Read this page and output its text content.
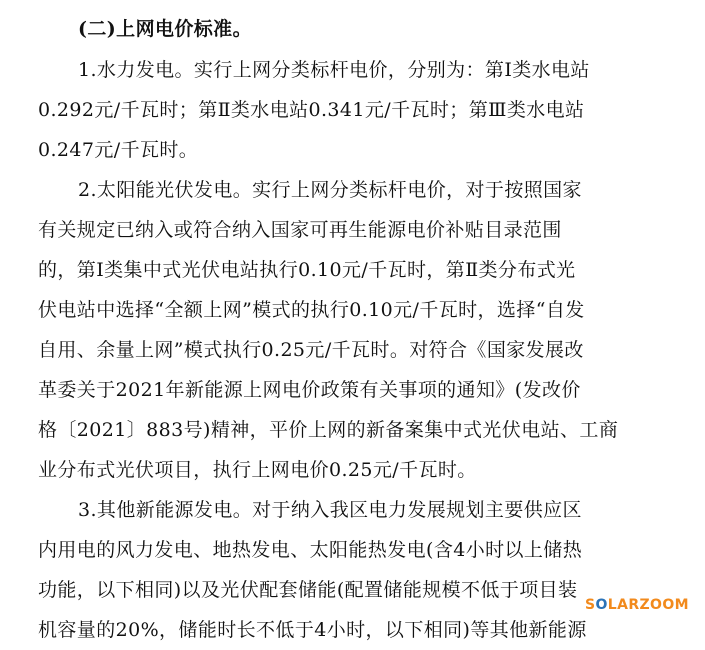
(二)上网电价标准。
1.水力发电。实行上网分类标杆电价，分别为：第Ⅰ类水电站
0.292元/千瓦时；第Ⅱ类水电站0.341元/千瓦时；第Ⅲ类水电站
0.247元/千瓦时。
2.太阳能光伏发电。实行上网分类标杆电价，对于按照国家
有关规定已纳入或符合纳入国家可再生能源电价补贴目录范围
的，第Ⅰ类集中式光伏电站执行0.10元/千瓦时，第Ⅱ类分布式光
伏电站中选择“全额上网”模式的执行0.10元/千瓦时，选择“自发
自用、余量上网”模式执行0.25元/千瓦时。对符合《国家发展改
革委关于2021年新能源上网电价政策有关事项的通知》(发改价
格〔2021〕883号)精神，平价上网的新备案集中式光伏电站、工商
业分布式光伏项目，执行上网电价0.25元/千瓦时。
3.其他新能源发电。对于纳入我区电力发展规划主要供应区
内用电的风力发电、地热发电、太阳能热发电(含4小时以上储热
功能，以下相同)以及光伏配套储能(配置储能规模不低于项目装
机容量的20%，储能时长不低于4小时，以下相同)等其他新能源
SOLARZOOM
